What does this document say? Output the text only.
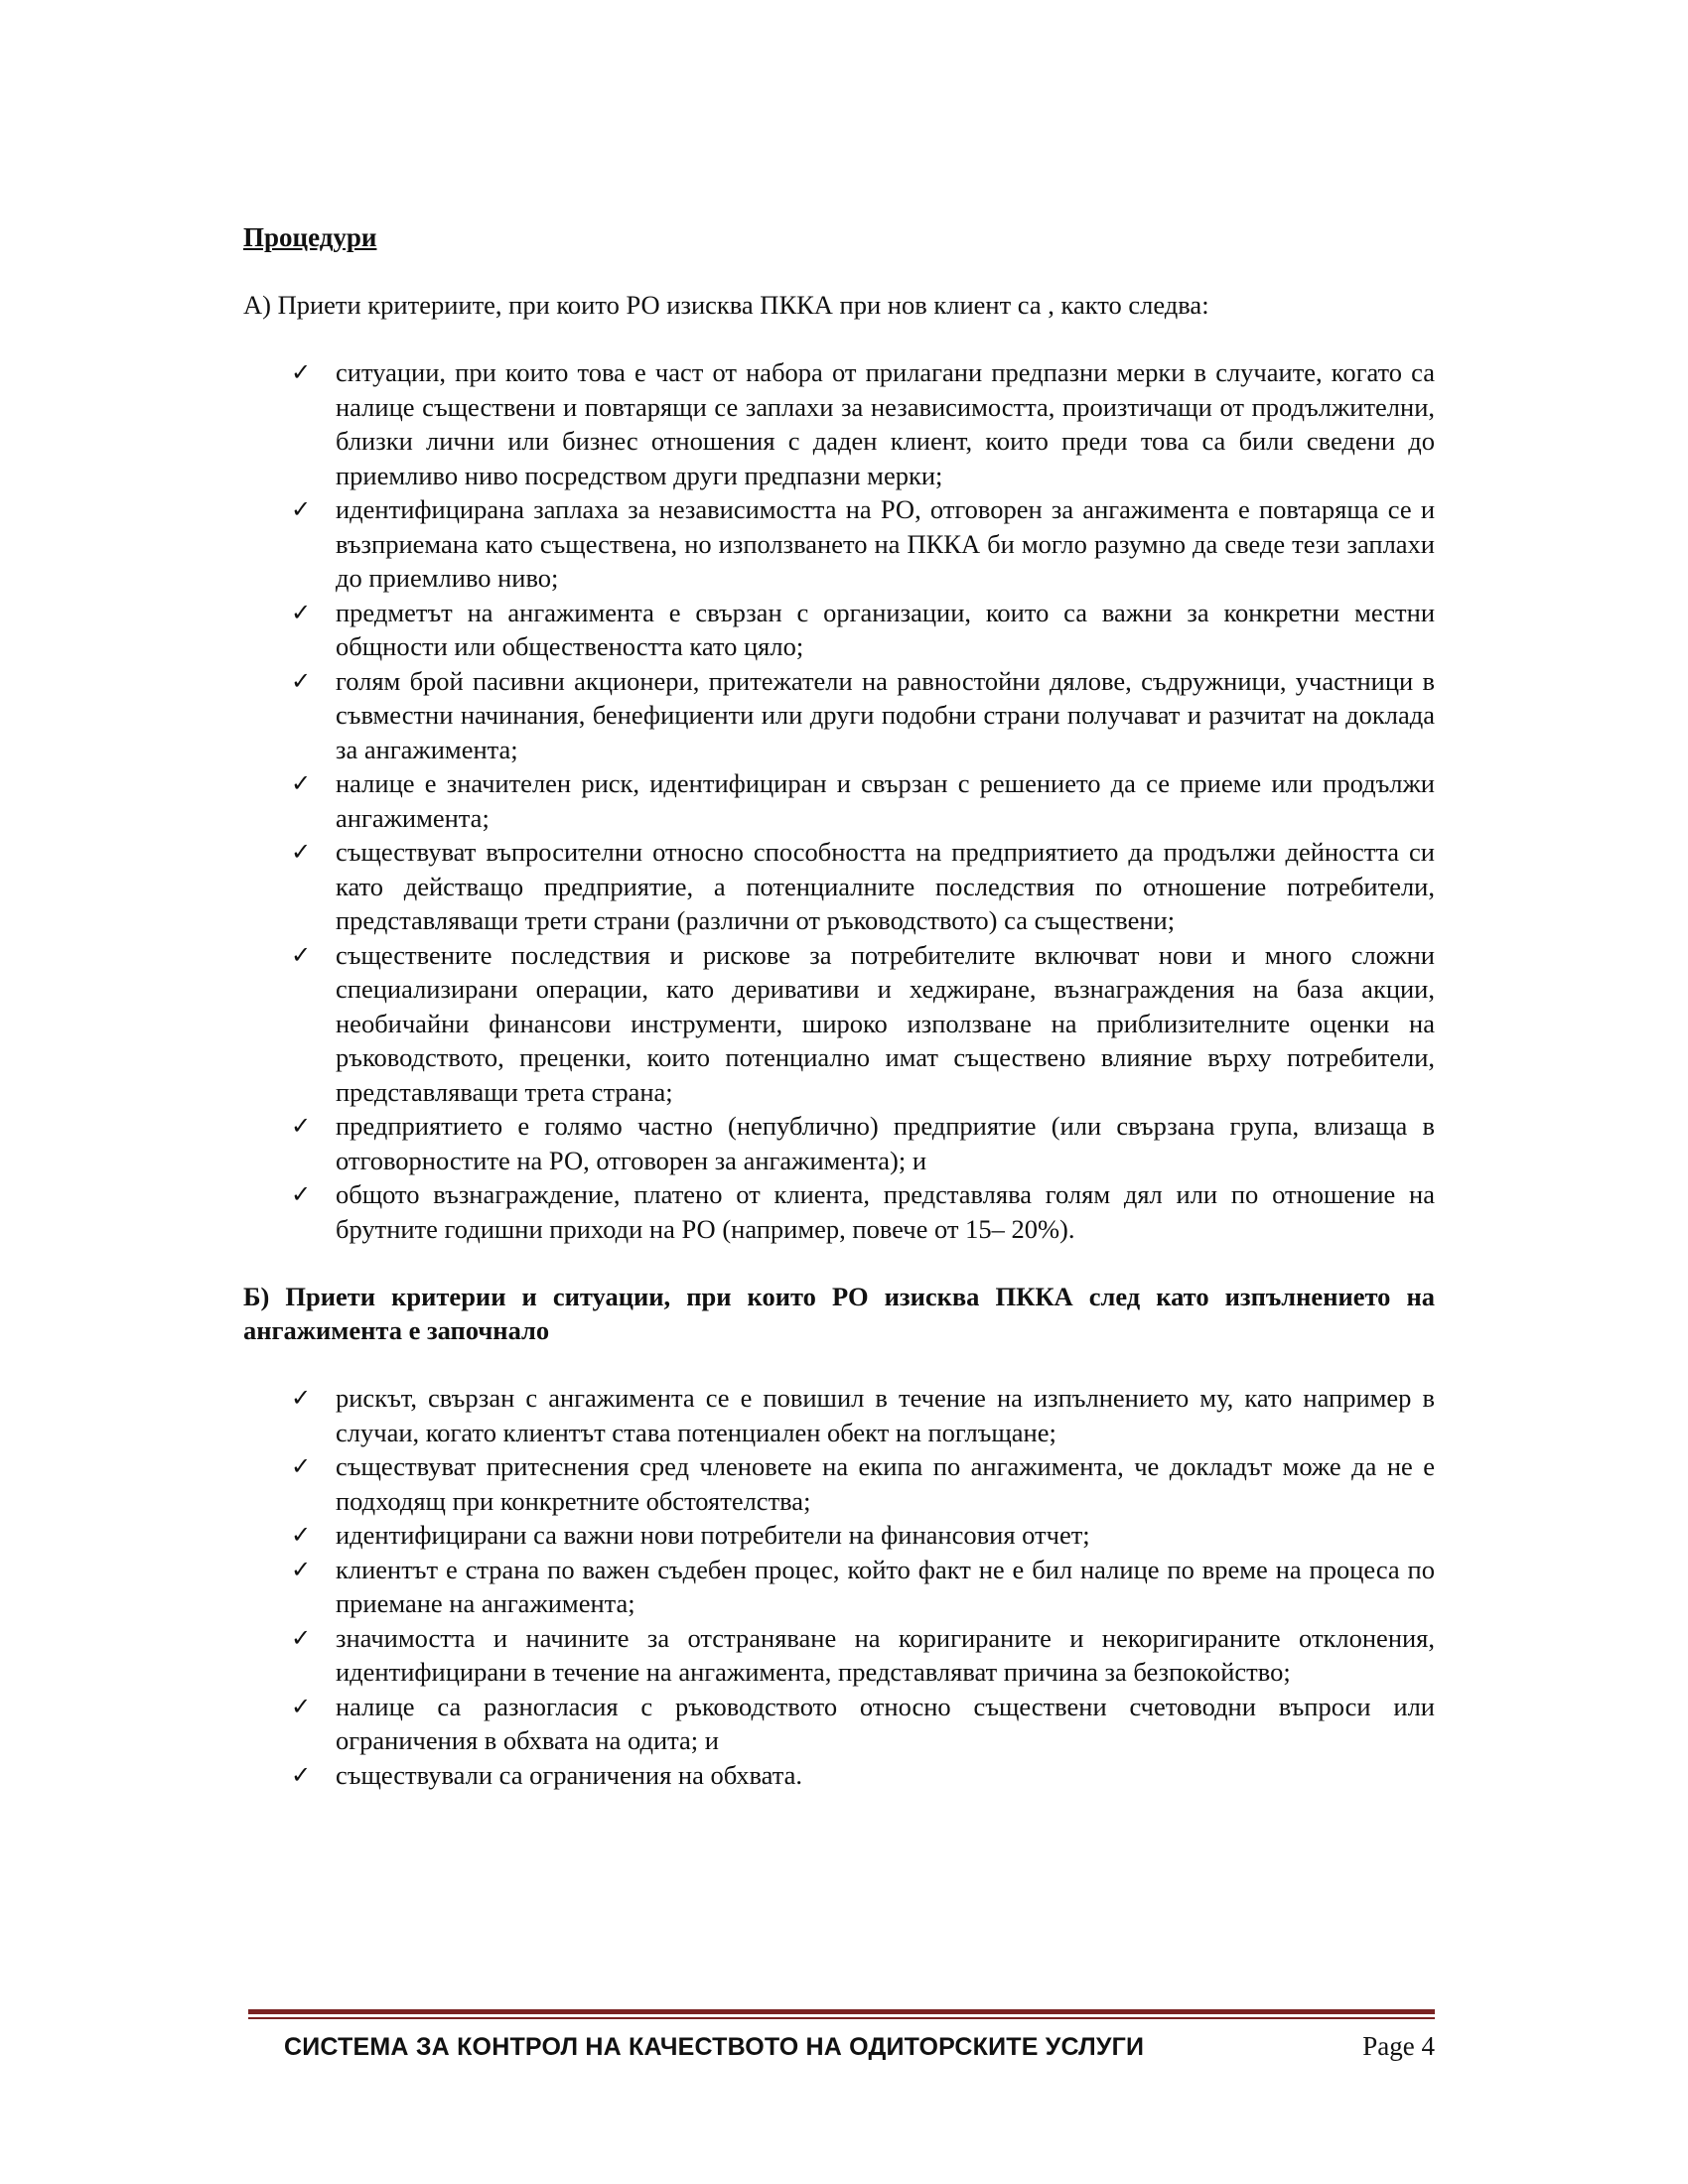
Процедури

А) Приети критериите, при които РО изисква ПККА при нов клиент са , както следва:

✓ ситуации, при които това е част от набора от прилагани предпазни мерки в случаите, когато са налице съществени и повтарящи се заплахи за независимостта, произтичащи от продължителни, близки лични или бизнес отношения с даден клиент, които преди това са били сведени до приемливо ниво посредством други предпазни мерки;
✓ идентифицирана заплаха за независимостта на РО, отговорен за ангажимента е повтаряща се и възприемана като съществена, но използването на ПККА би могло разумно да сведе тези заплахи до приемливо ниво;
✓ предметът на ангажимента е свързан с организации, които са важни за конкретни местни общности или обществеността като цяло;
✓ голям брой пасивни акционери, притежатели на равностойни дялове, съдружници, участници в съвместни начинания, бенефициенти или други подобни страни получават и разчитат на доклада за ангажимента;
✓ налице е значителен риск, идентифициран и свързан с решението да се приеме или продължи ангажимента;
✓ съществуват въпросителни относно способността на предприятието да продължи дейността си като действащо предприятие, а потенциалните последствия по отношение потребители, представляващи трети страни (различни от ръководството) са съществени;
✓ съществените последствия и рискове за потребителите включват нови и много сложни специализирани операции, като деривативи и хеджиране, възнаграждения на база акции, необичайни финансови инструменти, широко използване на приблизителните оценки на ръководството, преценки, които потенциално имат съществено влияние върху потребители, представляващи трета страна;
✓ предприятието е голямо частно (непублично) предприятие (или свързана група, влизаща в отговорностите на РО, отговорен за ангажимента); и
✓ общото възнаграждение, платено от клиента, представлява голям дял или по отношение на брутните годишни приходи на РО (например, повече от 15– 20%).

Б) Приети критерии и ситуации, при които РО изисква ПККА след като изпълнението на ангажимента е започнало

✓ рискът, свързан с ангажимента се е повишил в течение на изпълнението му, като например в случаи, когато клиентът става потенциален обект на поглъщане;
✓ съществуват притеснения сред членовете на екипа по ангажимента, че докладът може да не е подходящ при конкретните обстоятелства;
✓ идентифицирани са важни нови потребители на финансовия отчет;
✓ клиентът е страна по важен съдебен процес, който факт не е бил налице по време на процеса по приемане на ангажимента;
✓ значимостта и начините за отстраняване на коригираните и некоригираните отклонения, идентифицирани в течение на ангажимента, представляват причина за безпокойство;
✓ налице са разногласия с ръководството относно съществени счетоводни въпроси или ограничения в обхвата на одита; и
✓ съществували са ограничения на обхвата.
СИСТЕМА ЗА КОНТРОЛ НА КАЧЕСТВОТО НА ОДИТОРСКИТЕ УСЛУГИ	Page 4
